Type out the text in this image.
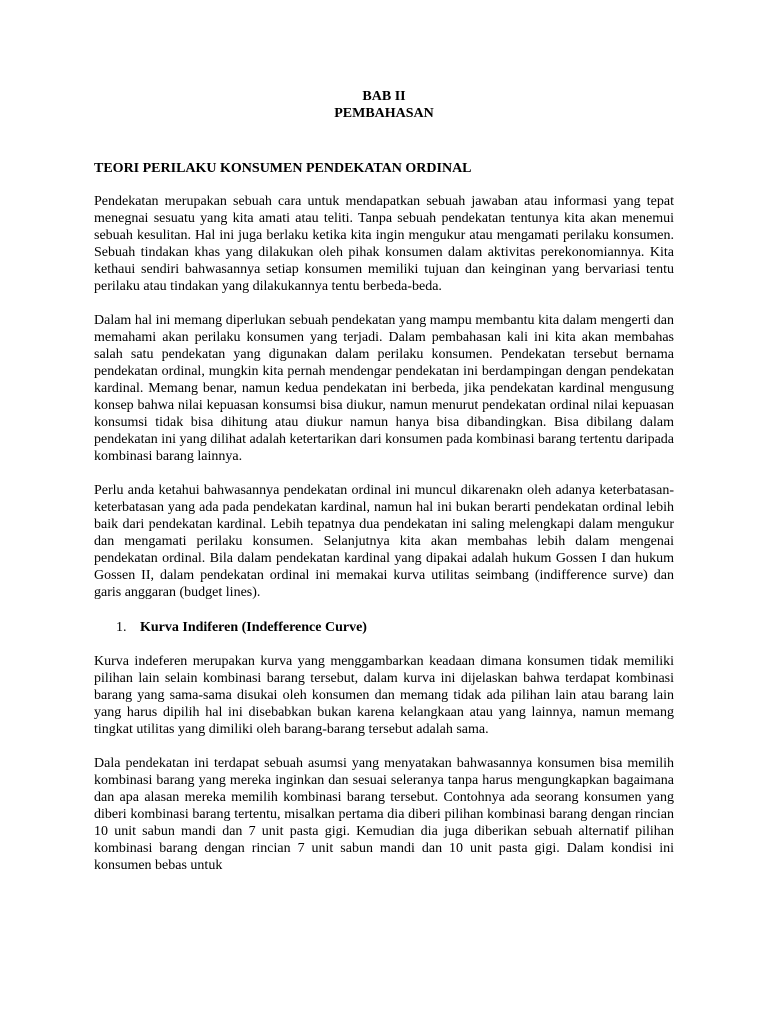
BAB II

PEMBAHASAN

TEORI PERILAKU KONSUMEN PENDEKATAN ORDINAL

Pendekatan merupakan sebuah cara untuk mendapatkan sebuah jawaban atau informasi yang tepat menegnai sesuatu yang kita amati atau teliti. Tanpa sebuah pendekatan tentunya kita akan menemui sebuah kesulitan. Hal ini juga berlaku ketika kita ingin mengukur atau mengamati perilaku konsumen. Sebuah tindakan khas yang dilakukan oleh pihak konsumen dalam aktivitas perekonomiannya. Kita kethaui sendiri bahwasannya setiap konsumen memiliki tujuan dan keinginan yang bervariasi tentu perilaku atau tindakan yang dilakukannya tentu berbeda-beda.

Dalam hal ini memang diperlukan sebuah pendekatan yang mampu membantu kita dalam mengerti dan memahami akan perilaku konsumen yang terjadi. Dalam pembahasan kali ini kita akan membahas salah satu pendekatan yang digunakan dalam perilaku konsumen. Pendekatan tersebut bernama pendekatan ordinal, mungkin kita pernah mendengar pendekatan ini berdampingan dengan pendekatan kardinal. Memang benar, namun kedua pendekatan ini berbeda, jika pendekatan kardinal mengusung konsep bahwa nilai kepuasan konsumsi bisa diukur, namun menurut pendekatan ordinal nilai kepuasan konsumsi tidak bisa dihitung atau diukur namun hanya bisa dibandingkan. Bisa dibilang dalam pendekatan ini yang dilihat adalah ketertarikan dari konsumen pada kombinasi barang tertentu daripada kombinasi barang lainnya.

Perlu anda ketahui bahwasannya pendekatan ordinal ini muncul dikarenakn oleh adanya keterbatasan-keterbatasan yang ada pada pendekatan kardinal, namun hal ini bukan berarti pendekatan ordinal lebih baik dari pendekatan kardinal. Lebih tepatnya dua pendekatan ini saling melengkapi dalam mengukur dan mengamati perilaku konsumen. Selanjutnya kita akan membahas lebih dalam mengenai pendekatan ordinal. Bila dalam pendekatan kardinal yang dipakai adalah hukum Gossen I dan hukum Gossen II, dalam pendekatan ordinal ini memakai kurva utilitas seimbang (indifference surve) dan garis anggaran (budget lines).

1. Kurva Indiferen (Indefference Curve)

Kurva indeferen merupakan kurva yang menggambarkan keadaan dimana konsumen tidak memiliki pilihan lain selain kombinasi barang tersebut, dalam kurva ini dijelaskan bahwa terdapat kombinasi barang yang sama-sama disukai oleh konsumen dan memang tidak ada pilihan lain atau barang lain yang harus dipilih hal ini disebabkan bukan karena kelangkaan atau yang lainnya, namun memang tingkat utilitas yang dimiliki oleh barang-barang tersebut adalah sama.

Dala pendekatan ini terdapat sebuah asumsi yang menyatakan bahwasannya konsumen bisa memilih kombinasi barang yang mereka inginkan dan sesuai seleranya tanpa harus mengungkapkan bagaimana dan apa alasan mereka memilih kombinasi barang tersebut. Contohnya ada seorang konsumen yang diberi kombinasi barang tertentu, misalkan pertama dia diberi pilihan kombinasi barang dengan rincian 10 unit sabun mandi dan 7 unit pasta gigi. Kemudian dia juga diberikan sebuah alternatif pilihan kombinasi barang dengan rincian 7 unit sabun mandi dan 10 unit pasta gigi. Dalam kondisi ini konsumen bebas untuk
